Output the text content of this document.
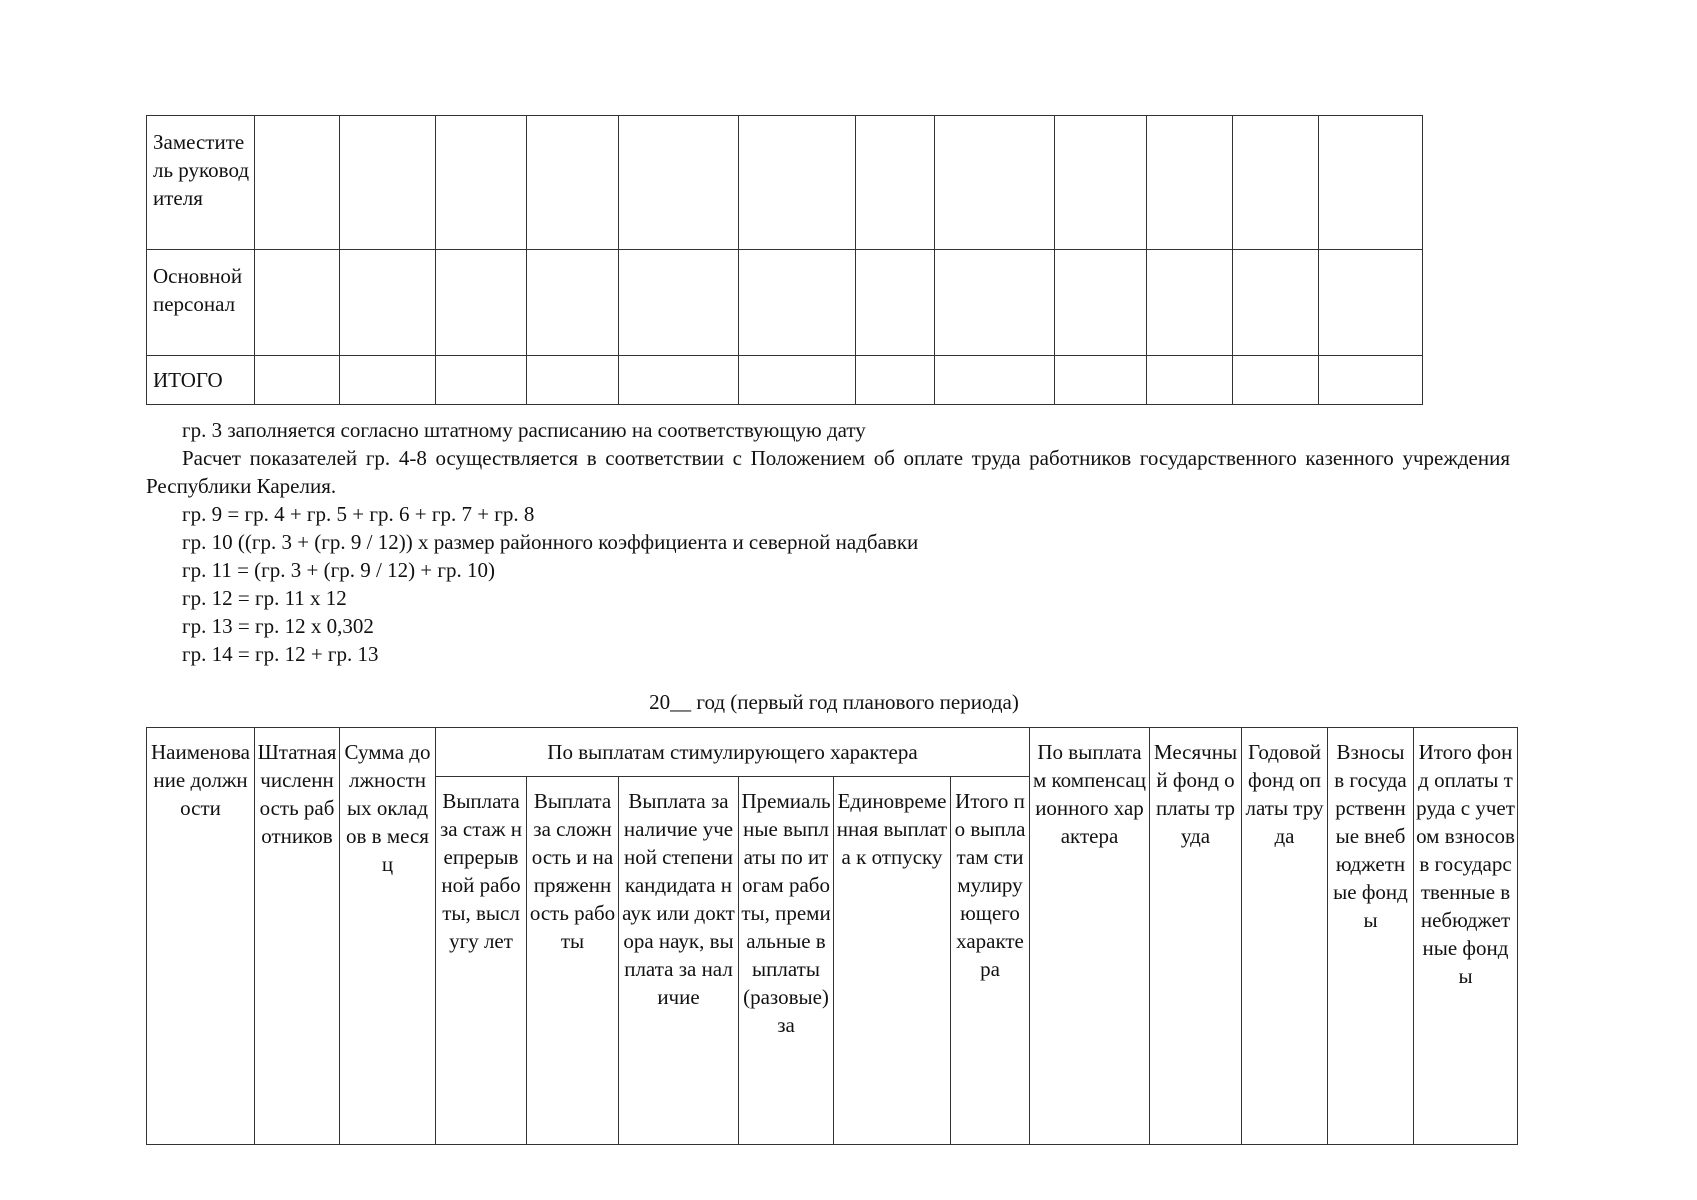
Заместитель руководителя												
Основной персонал												
ИТОГО												

гр. 3 заполняется согласно штатному расписанию на соответствующую дату

Расчет показателей гр. 4-8 осуществляется в соответствии с Положением об оплате труда работников государственного казенного учреждения Республики Карелия.

гр. 9 = гр. 4 + гр. 5 + гр. 6 + гр. 7 + гр. 8

гр. 10 ((гр. 3 + (гр. 9 / 12)) x размер районного коэффициента и северной надбавки

гр. 11 = (гр. 3 + (гр. 9 / 12) + гр. 10)

гр. 12 = гр. 11 x 12

гр. 13 = гр. 12 x 0,302

гр. 14 = гр. 12 + гр. 13

20__ год (первый год планового периода)
Наименование должности	Штатная численность работников	Сумма должностных окладов в месяц	По выплатам стимулирующего характера						По выплатам компенсационного характера	Месячный фонд оплаты труда	Годовой фонд оплаты труда	Взносы в государственные внебюджетные фонды	Итого фонд оплаты труда с учетом взносов в государственные внебюджетные фонды

			Выплата за стаж непрерывной работы, выслугу лет	Выплата за сложность и напряженность работы	Выплата за наличие ученой степени кандидата наук или доктора наук, выплата за наличие	Премиальные выплаты по итогам работы, премиальные выплаты (разовые) за	Единовременная выплата к отпуску	Итого по выплатам стимулирующего характера					
